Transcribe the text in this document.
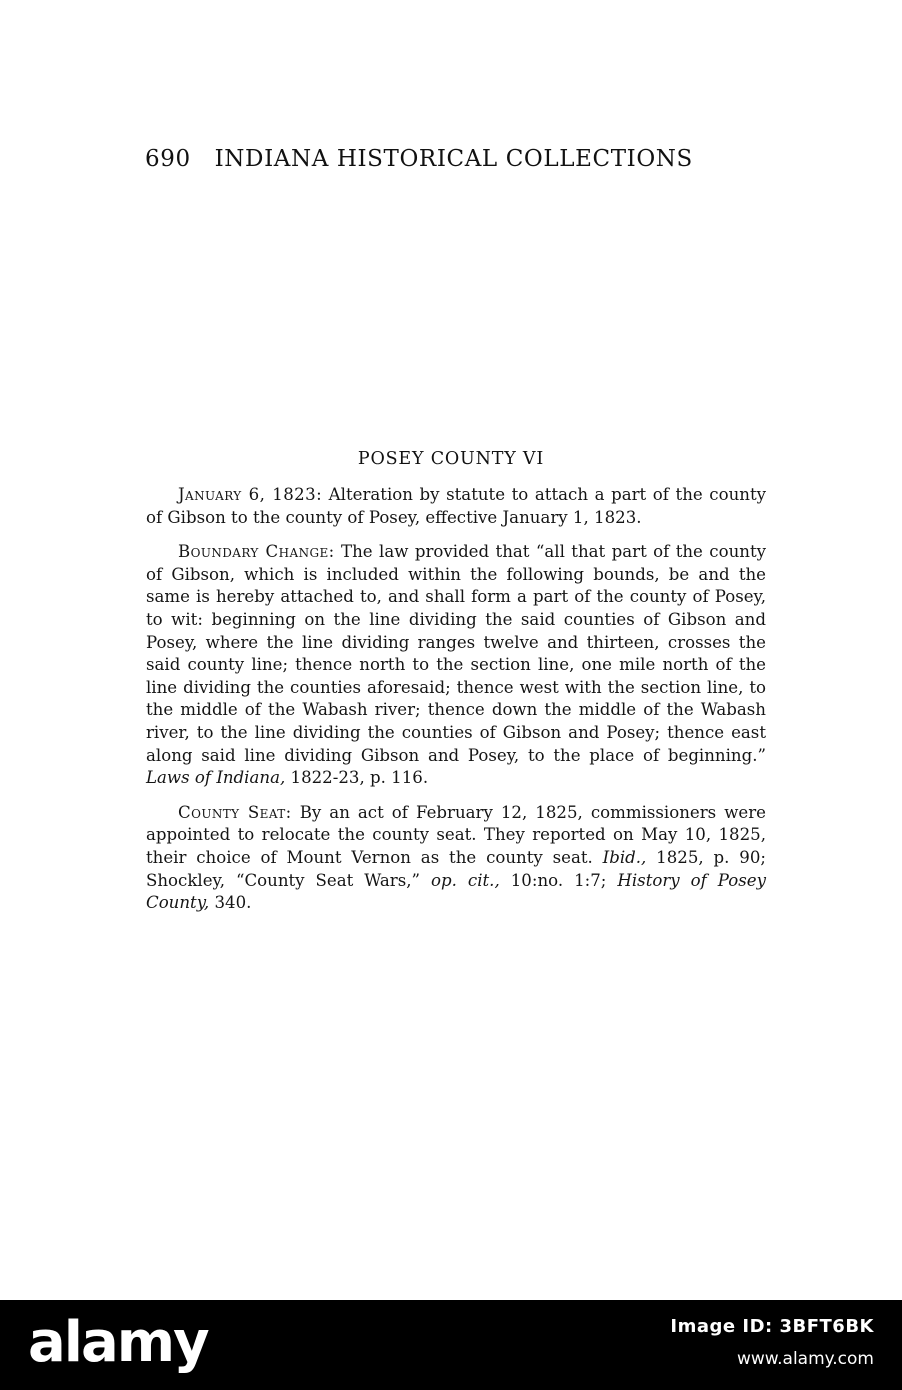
690 INDIANA HISTORICAL COLLECTIONS
POSEY COUNTY VI

January 6, 1823: Alteration by statute to attach a part of the county of Gibson to the county of Posey, effective January 1, 1823.

Boundary Change: The law provided that “all that part of the county of Gibson, which is included within the following bounds, be and the same is hereby attached to, and shall form a part of the county of Posey, to wit: beginning on the line dividing the said counties of Gibson and Posey, where the line dividing ranges twelve and thirteen, crosses the said county line; thence north to the section line, one mile north of the line dividing the counties aforesaid; thence west with the section line, to the middle of the Wabash river; thence down the middle of the Wabash river, to the line dividing the counties of Gibson and Posey; thence east along said line dividing Gibson and Posey, to the place of beginning.” Laws of Indiana, 1822-23, p. 116.

County Seat: By an act of February 12, 1825, commissioners were appointed to relocate the county seat. They reported on May 10, 1825, their choice of Mount Vernon as the county seat. Ibid., 1825, p. 90; Shockley, “County Seat Wars,” op. cit., 10:no. 1:7; History of Posey County, 340.

alamy	Image ID: 3BFT6BK
www.alamy.com
